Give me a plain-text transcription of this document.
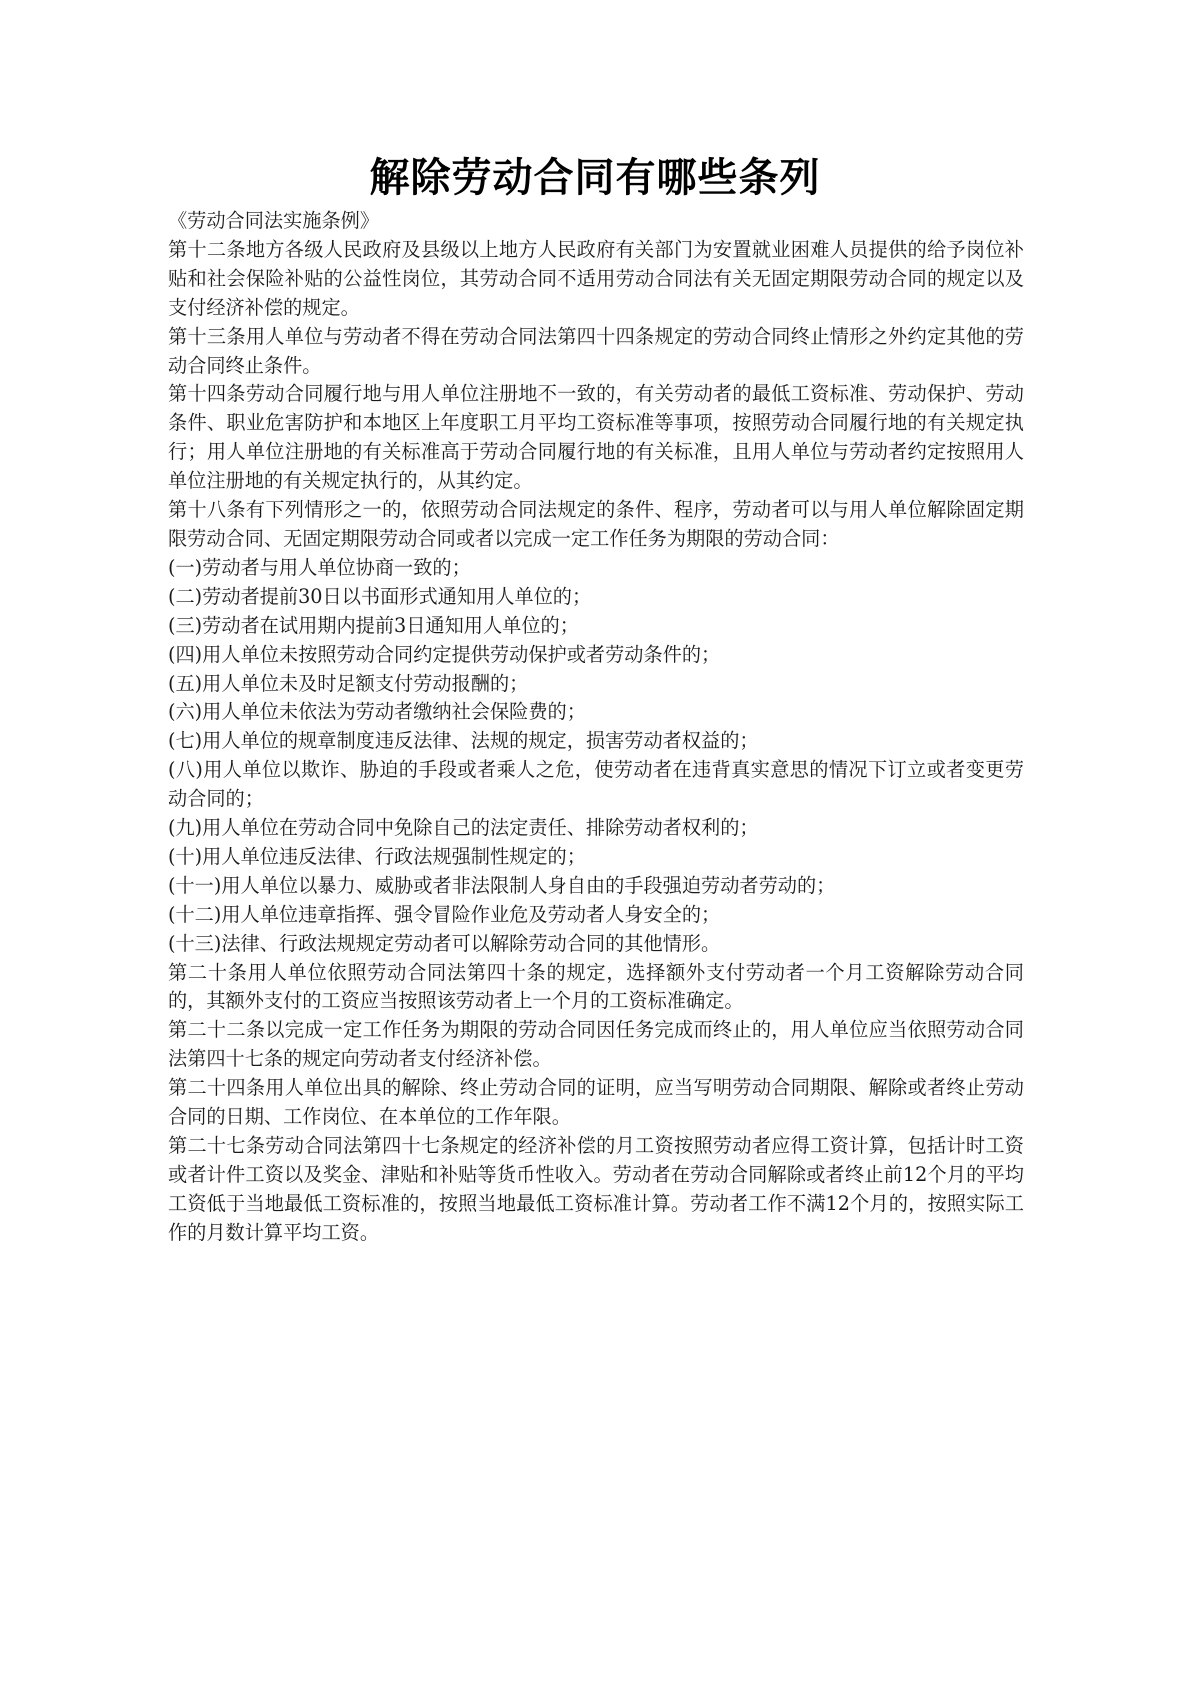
解除劳动合同有哪些条列

《劳动合同法实施条例》

第十二条地方各级人民政府及县级以上地方人民政府有关部门为安置就业困难人员提供的给予岗位补贴和社会保险补贴的公益性岗位，其劳动合同不适用劳动合同法有关无固定期限劳动合同的规定以及支付经济补偿的规定。

第十三条用人单位与劳动者不得在劳动合同法第四十四条规定的劳动合同终止情形之外约定其他的劳动合同终止条件。

第十四条劳动合同履行地与用人单位注册地不一致的，有关劳动者的最低工资标准、劳动保护、劳动条件、职业危害防护和本地区上年度职工月平均工资标准等事项，按照劳动合同履行地的有关规定执行；用人单位注册地的有关标准高于劳动合同履行地的有关标准，且用人单位与劳动者约定按照用人单位注册地的有关规定执行的，从其约定。

第十八条有下列情形之一的，依照劳动合同法规定的条件、程序，劳动者可以与用人单位解除固定期限劳动合同、无固定期限劳动合同或者以完成一定工作任务为期限的劳动合同：

(一)劳动者与用人单位协商一致的；

(二)劳动者提前30日以书面形式通知用人单位的；

(三)劳动者在试用期内提前3日通知用人单位的；

(四)用人单位未按照劳动合同约定提供劳动保护或者劳动条件的；

(五)用人单位未及时足额支付劳动报酬的；

(六)用人单位未依法为劳动者缴纳社会保险费的；

(七)用人单位的规章制度违反法律、法规的规定，损害劳动者权益的；

(八)用人单位以欺诈、胁迫的手段或者乘人之危，使劳动者在违背真实意思的情况下订立或者变更劳动合同的；

(九)用人单位在劳动合同中免除自己的法定责任、排除劳动者权利的；

(十)用人单位违反法律、行政法规强制性规定的；

(十一)用人单位以暴力、威胁或者非法限制人身自由的手段强迫劳动者劳动的；

(十二)用人单位违章指挥、强令冒险作业危及劳动者人身安全的；

(十三)法律、行政法规规定劳动者可以解除劳动合同的其他情形。

第二十条用人单位依照劳动合同法第四十条的规定，选择额外支付劳动者一个月工资解除劳动合同的，其额外支付的工资应当按照该劳动者上一个月的工资标准确定。

第二十二条以完成一定工作任务为期限的劳动合同因任务完成而终止的，用人单位应当依照劳动合同法第四十七条的规定向劳动者支付经济补偿。

第二十四条用人单位出具的解除、终止劳动合同的证明，应当写明劳动合同期限、解除或者终止劳动合同的日期、工作岗位、在本单位的工作年限。

第二十七条劳动合同法第四十七条规定的经济补偿的月工资按照劳动者应得工资计算，包括计时工资或者计件工资以及奖金、津贴和补贴等货币性收入。劳动者在劳动合同解除或者终止前12个月的平均工资低于当地最低工资标准的，按照当地最低工资标准计算。劳动者工作不满12个月的，按照实际工作的月数计算平均工资。
